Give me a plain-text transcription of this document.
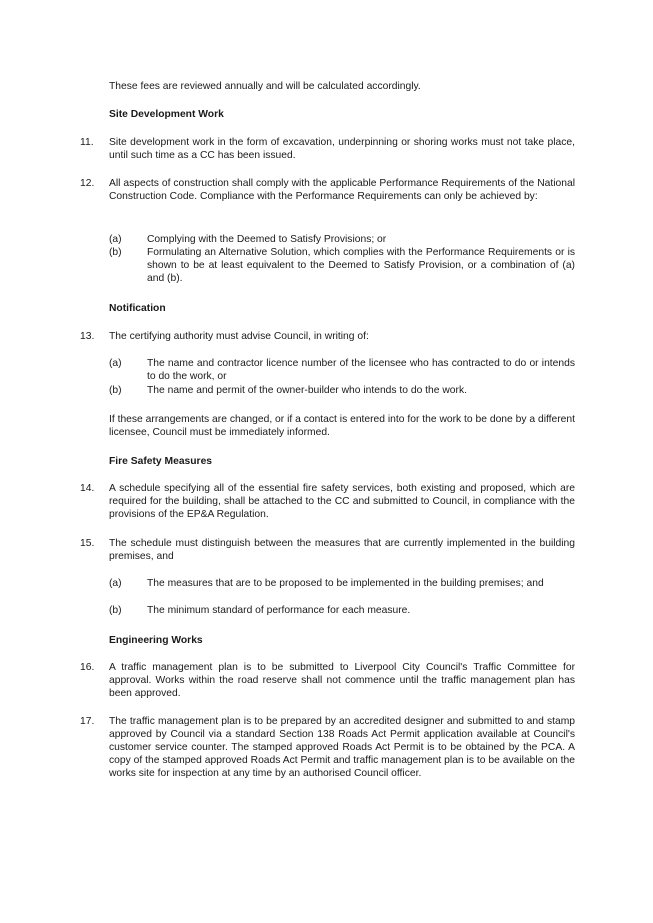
These fees are reviewed annually and will be calculated accordingly.
Site Development Work
11. Site development work in the form of excavation, underpinning or shoring works must not take place, until such time as a CC has been issued.
12. All aspects of construction shall comply with the applicable Performance Requirements of the National Construction Code. Compliance with the Performance Requirements can only be achieved by:
(a) Complying with the Deemed to Satisfy Provisions; or
(b) Formulating an Alternative Solution, which complies with the Performance Requirements or is shown to be at least equivalent to the Deemed to Satisfy Provision, or a combination of (a) and (b).
Notification
13. The certifying authority must advise Council, in writing of:
(a) The name and contractor licence number of the licensee who has contracted to do or intends to do the work, or
(b) The name and permit of the owner-builder who intends to do the work.
If these arrangements are changed, or if a contact is entered into for the work to be done by a different licensee, Council must be immediately informed.
Fire Safety Measures
14. A schedule specifying all of the essential fire safety services, both existing and proposed, which are required for the building, shall be attached to the CC and submitted to Council, in compliance with the provisions of the EP&A Regulation.
15. The schedule must distinguish between the measures that are currently implemented in the building premises, and
(a) The measures that are to be proposed to be implemented in the building premises; and
(b) The minimum standard of performance for each measure.
Engineering Works
16. A traffic management plan is to be submitted to Liverpool City Council's Traffic Committee for approval. Works within the road reserve shall not commence until the traffic management plan has been approved.
17. The traffic management plan is to be prepared by an accredited designer and submitted to and stamp approved by Council via a standard Section 138 Roads Act Permit application available at Council's customer service counter. The stamped approved Roads Act Permit is to be obtained by the PCA. A copy of the stamped approved Roads Act Permit and traffic management plan is to be available on the works site for inspection at any time by an authorised Council officer.
